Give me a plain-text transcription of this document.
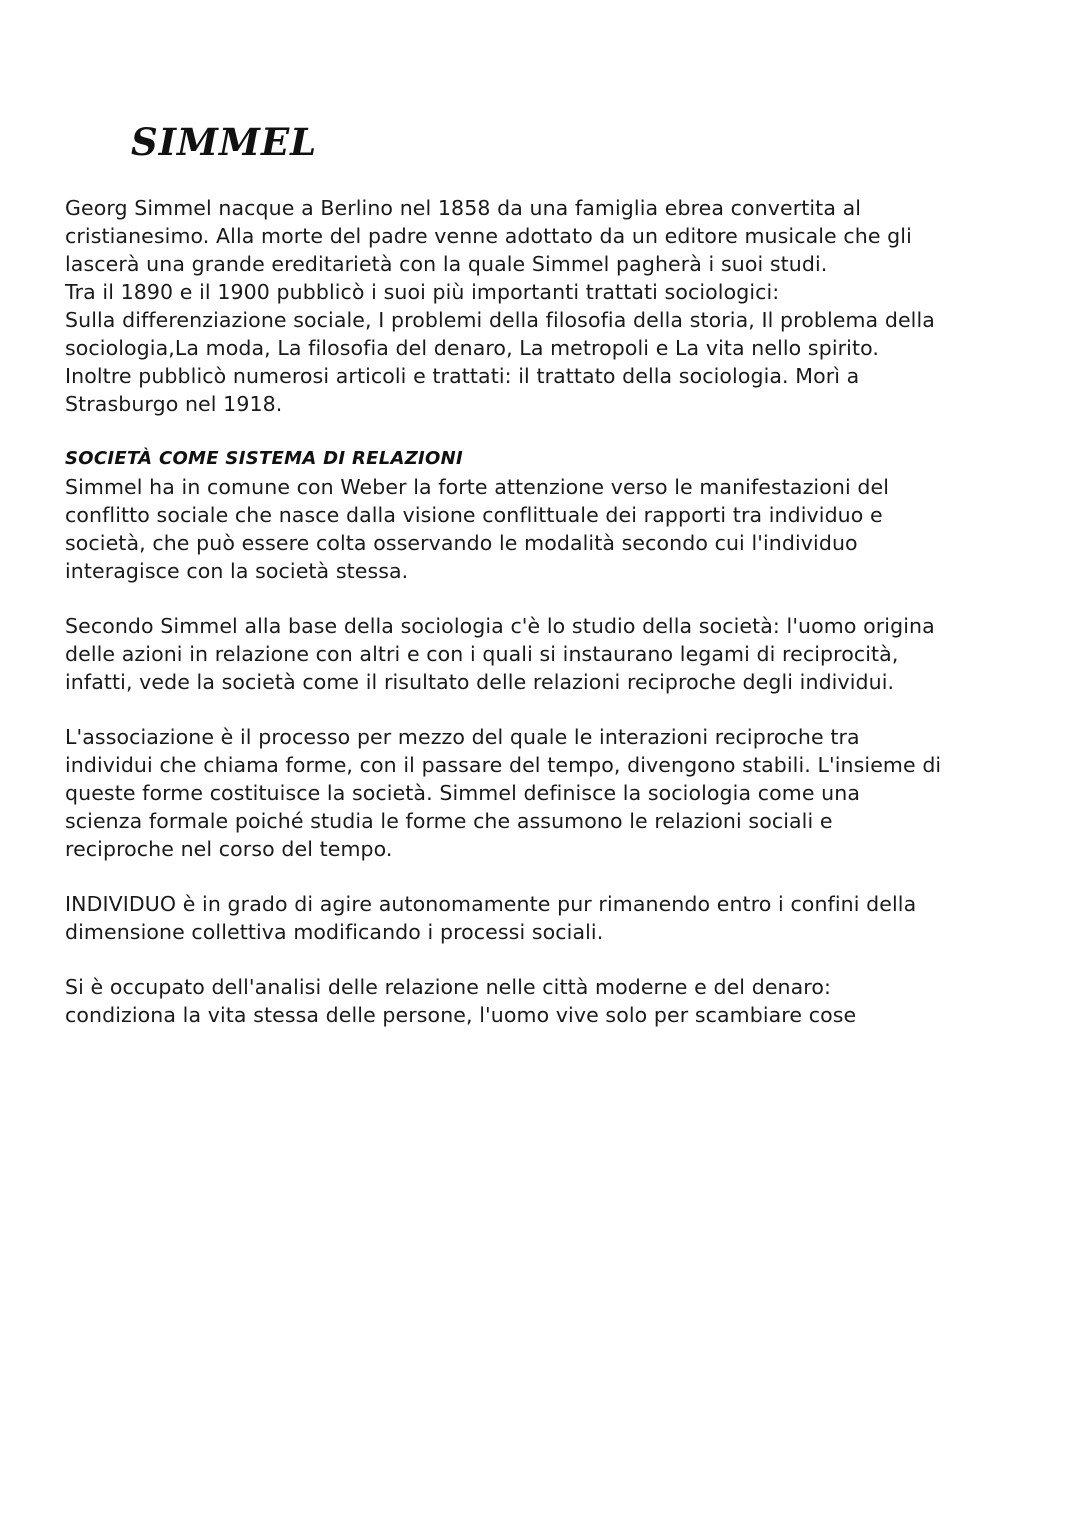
SIMMEL
Georg Simmel nacque a Berlino nel 1858 da una famiglia ebrea convertita al
cristianesimo. Alla morte del padre venne adottato da un editore musicale che gli
lascerà una grande ereditarietà con la quale Simmel pagherà i suoi studi.
Tra il 1890 e il 1900 pubblicò i suoi più importanti trattati sociologici:
Sulla differenziazione sociale, I problemi della filosofia della storia, Il problema della
sociologia,La moda, La filosofia del denaro, La metropoli e La vita nello spirito.
Inoltre pubblicò numerosi articoli e trattati: il trattato della sociologia. Morì a
Strasburgo nel 1918.
SOCIETÀ COME SISTEMA DI RELAZIONI
Simmel ha in comune con Weber la forte attenzione verso le manifestazioni del
conflitto sociale che nasce dalla visione conflittuale dei rapporti tra individuo e
società, che può essere colta osservando le modalità secondo cui l'individuo
interagisce con la società stessa.
Secondo Simmel alla base della sociologia c'è lo studio della società: l'uomo origina
delle azioni in relazione con altri e con i quali si instaurano legami di reciprocità,
infatti, vede la società come il risultato delle relazioni reciproche degli individui.
L'associazione è il processo per mezzo del quale le interazioni reciproche tra
individui che chiama forme, con il passare del tempo, divengono stabili. L'insieme di
queste forme costituisce la società. Simmel definisce la sociologia come una
scienza formale poiché studia le forme che assumono le relazioni sociali e
reciproche nel corso del tempo.
INDIVIDUO è in grado di agire autonomamente pur rimanendo entro i confini della
dimensione collettiva modificando i processi sociali.
Si è occupato dell'analisi delle relazione nelle città moderne e del denaro:
condiziona la vita stessa delle persone, l'uomo vive solo per scambiare cose
